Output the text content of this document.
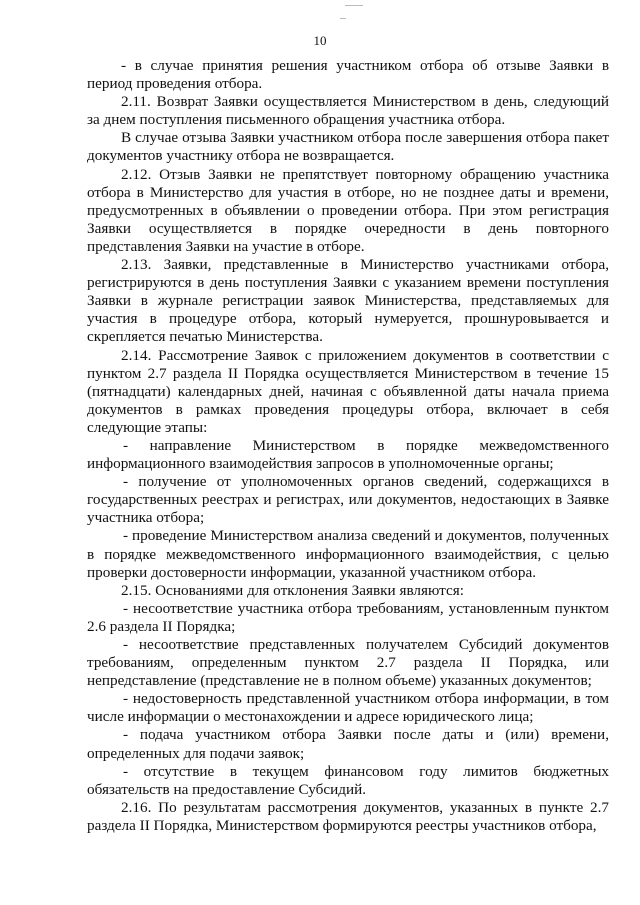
10

- в случае принятия решения участником отбора об отзыве Заявки в период проведения отбора.

2.11. Возврат Заявки осуществляется Министерством в день, следующий за днем поступления письменного обращения участника отбора.

В случае отзыва Заявки участником отбора после завершения отбора пакет документов участнику отбора не возвращается.

2.12. Отзыв Заявки не препятствует повторному обращению участника отбора в Министерство для участия в отборе, но не позднее даты и времени, предусмотренных в объявлении о проведении отбора. При этом регистрация Заявки осуществляется в порядке очередности в день повторного представления Заявки на участие в отборе.

2.13. Заявки, представленные в Министерство участниками отбора, регистрируются в день поступления Заявки с указанием времени поступления Заявки в журнале регистрации заявок Министерства, представляемых для участия в процедуре отбора, который нумеруется, прошнуровывается и скрепляется печатью Министерства.

2.14. Рассмотрение Заявок с приложением документов в соответствии с пунктом 2.7 раздела II Порядка осуществляется Министерством в течение 15 (пятнадцати) календарных дней, начиная с объявленной даты начала приема документов в рамках проведения процедуры отбора, включает в себя следующие этапы:

- направление Министерством в порядке межведомственного информационного взаимодействия запросов в уполномоченные органы;

- получение от уполномоченных органов сведений, содержащихся в государственных реестрах и регистрах, или документов, недостающих в Заявке участника отбора;

- проведение Министерством анализа сведений и документов, полученных в порядке межведомственного информационного взаимодействия, с целью проверки достоверности информации, указанной участником отбора.

2.15. Основаниями для отклонения Заявки являются:

- несоответствие участника отбора требованиям, установленным пунктом 2.6 раздела II Порядка;

- несоответствие представленных получателем Субсидий документов требованиям, определенным пунктом 2.7 раздела II Порядка, или непредставление (представление не в полном объеме) указанных документов;

- недостоверность представленной участником отбора информации, в том числе информации о местонахождении и адресе юридического лица;

- подача участником отбора Заявки после даты и (или) времени, определенных для подачи заявок;

- отсутствие в текущем финансовом году лимитов бюджетных обязательств на предоставление Субсидий.

2.16. По результатам рассмотрения документов, указанных в пункте 2.7 раздела II Порядка, Министерством формируются реестры участников отбора,
